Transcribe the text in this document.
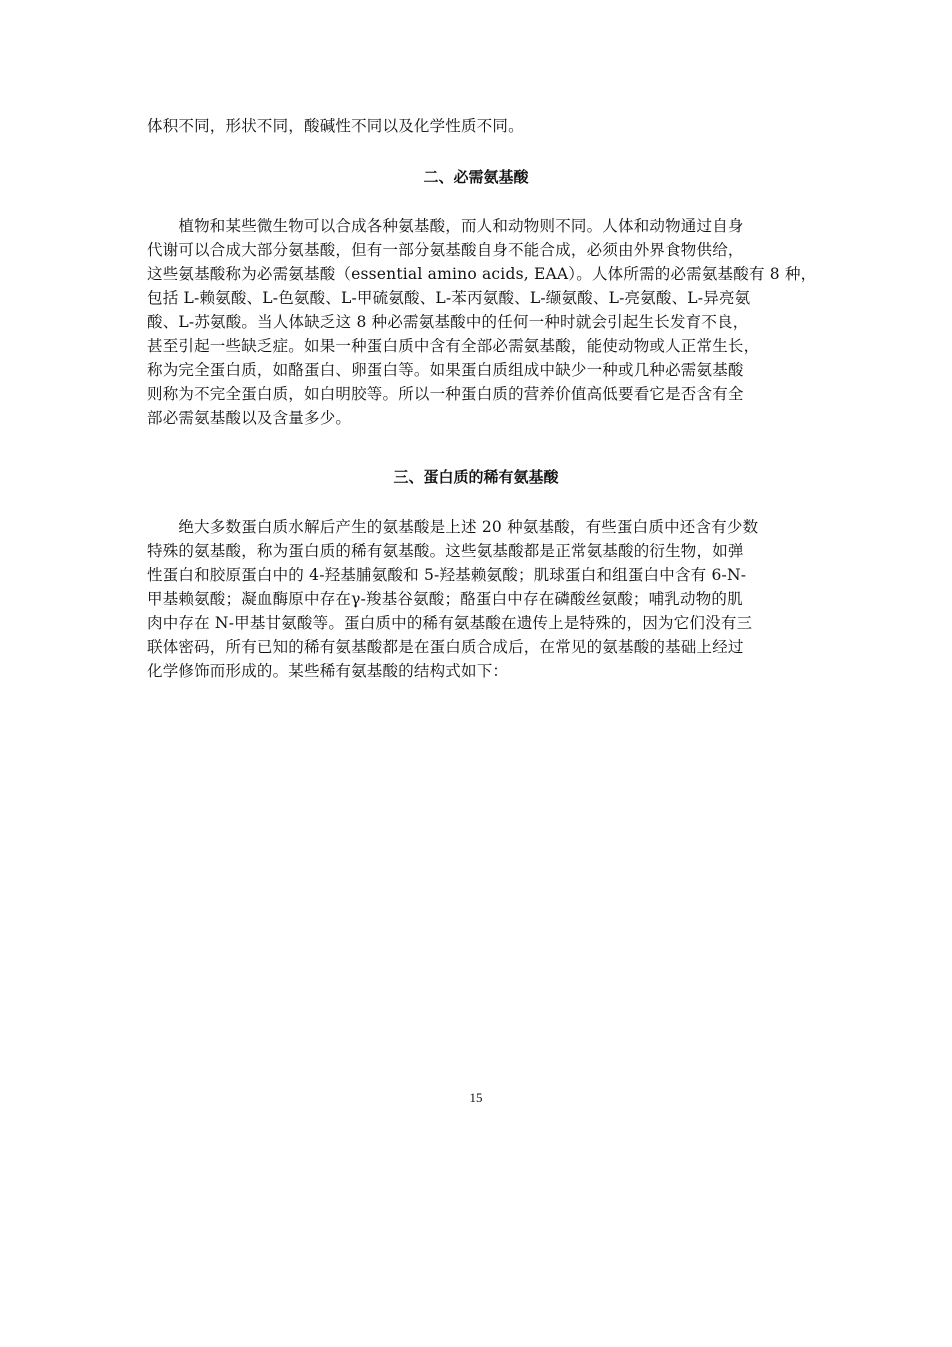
体积不同，形状不同，酸碱性不同以及化学性质不同。
二、必需氨基酸
　　植物和某些微生物可以合成各种氨基酸，而人和动物则不同。人体和动物通过自身
代谢可以合成大部分氨基酸，但有一部分氨基酸自身不能合成，必须由外界食物供给，
这些氨基酸称为必需氨基酸（essential amino acids, EAA）。人体所需的必需氨基酸有 8 种，
包括 L-赖氨酸、L-色氨酸、L-甲硫氨酸、L-苯丙氨酸、L-缬氨酸、L-亮氨酸、L-异亮氨
酸、L-苏氨酸。当人体缺乏这 8 种必需氨基酸中的任何一种时就会引起生长发育不良，
甚至引起一些缺乏症。如果一种蛋白质中含有全部必需氨基酸，能使动物或人正常生长，
称为完全蛋白质，如酪蛋白、卵蛋白等。如果蛋白质组成中缺少一种或几种必需氨基酸
则称为不完全蛋白质，如白明胶等。所以一种蛋白质的营养价值高低要看它是否含有全
部必需氨基酸以及含量多少。
三、蛋白质的稀有氨基酸
　　绝大多数蛋白质水解后产生的氨基酸是上述 20 种氨基酸，有些蛋白质中还含有少数
特殊的氨基酸，称为蛋白质的稀有氨基酸。这些氨基酸都是正常氨基酸的衍生物，如弹
性蛋白和胶原蛋白中的 4-羟基脯氨酸和 5-羟基赖氨酸；肌球蛋白和组蛋白中含有 6-N-
甲基赖氨酸；凝血酶原中存在γ-羧基谷氨酸；酪蛋白中存在磷酸丝氨酸；哺乳动物的肌
肉中存在 N-甲基甘氨酸等。蛋白质中的稀有氨基酸在遗传上是特殊的，因为它们没有三
联体密码，所有已知的稀有氨基酸都是在蛋白质合成后，在常见的氨基酸的基础上经过
化学修饰而形成的。某些稀有氨基酸的结构式如下：
15
